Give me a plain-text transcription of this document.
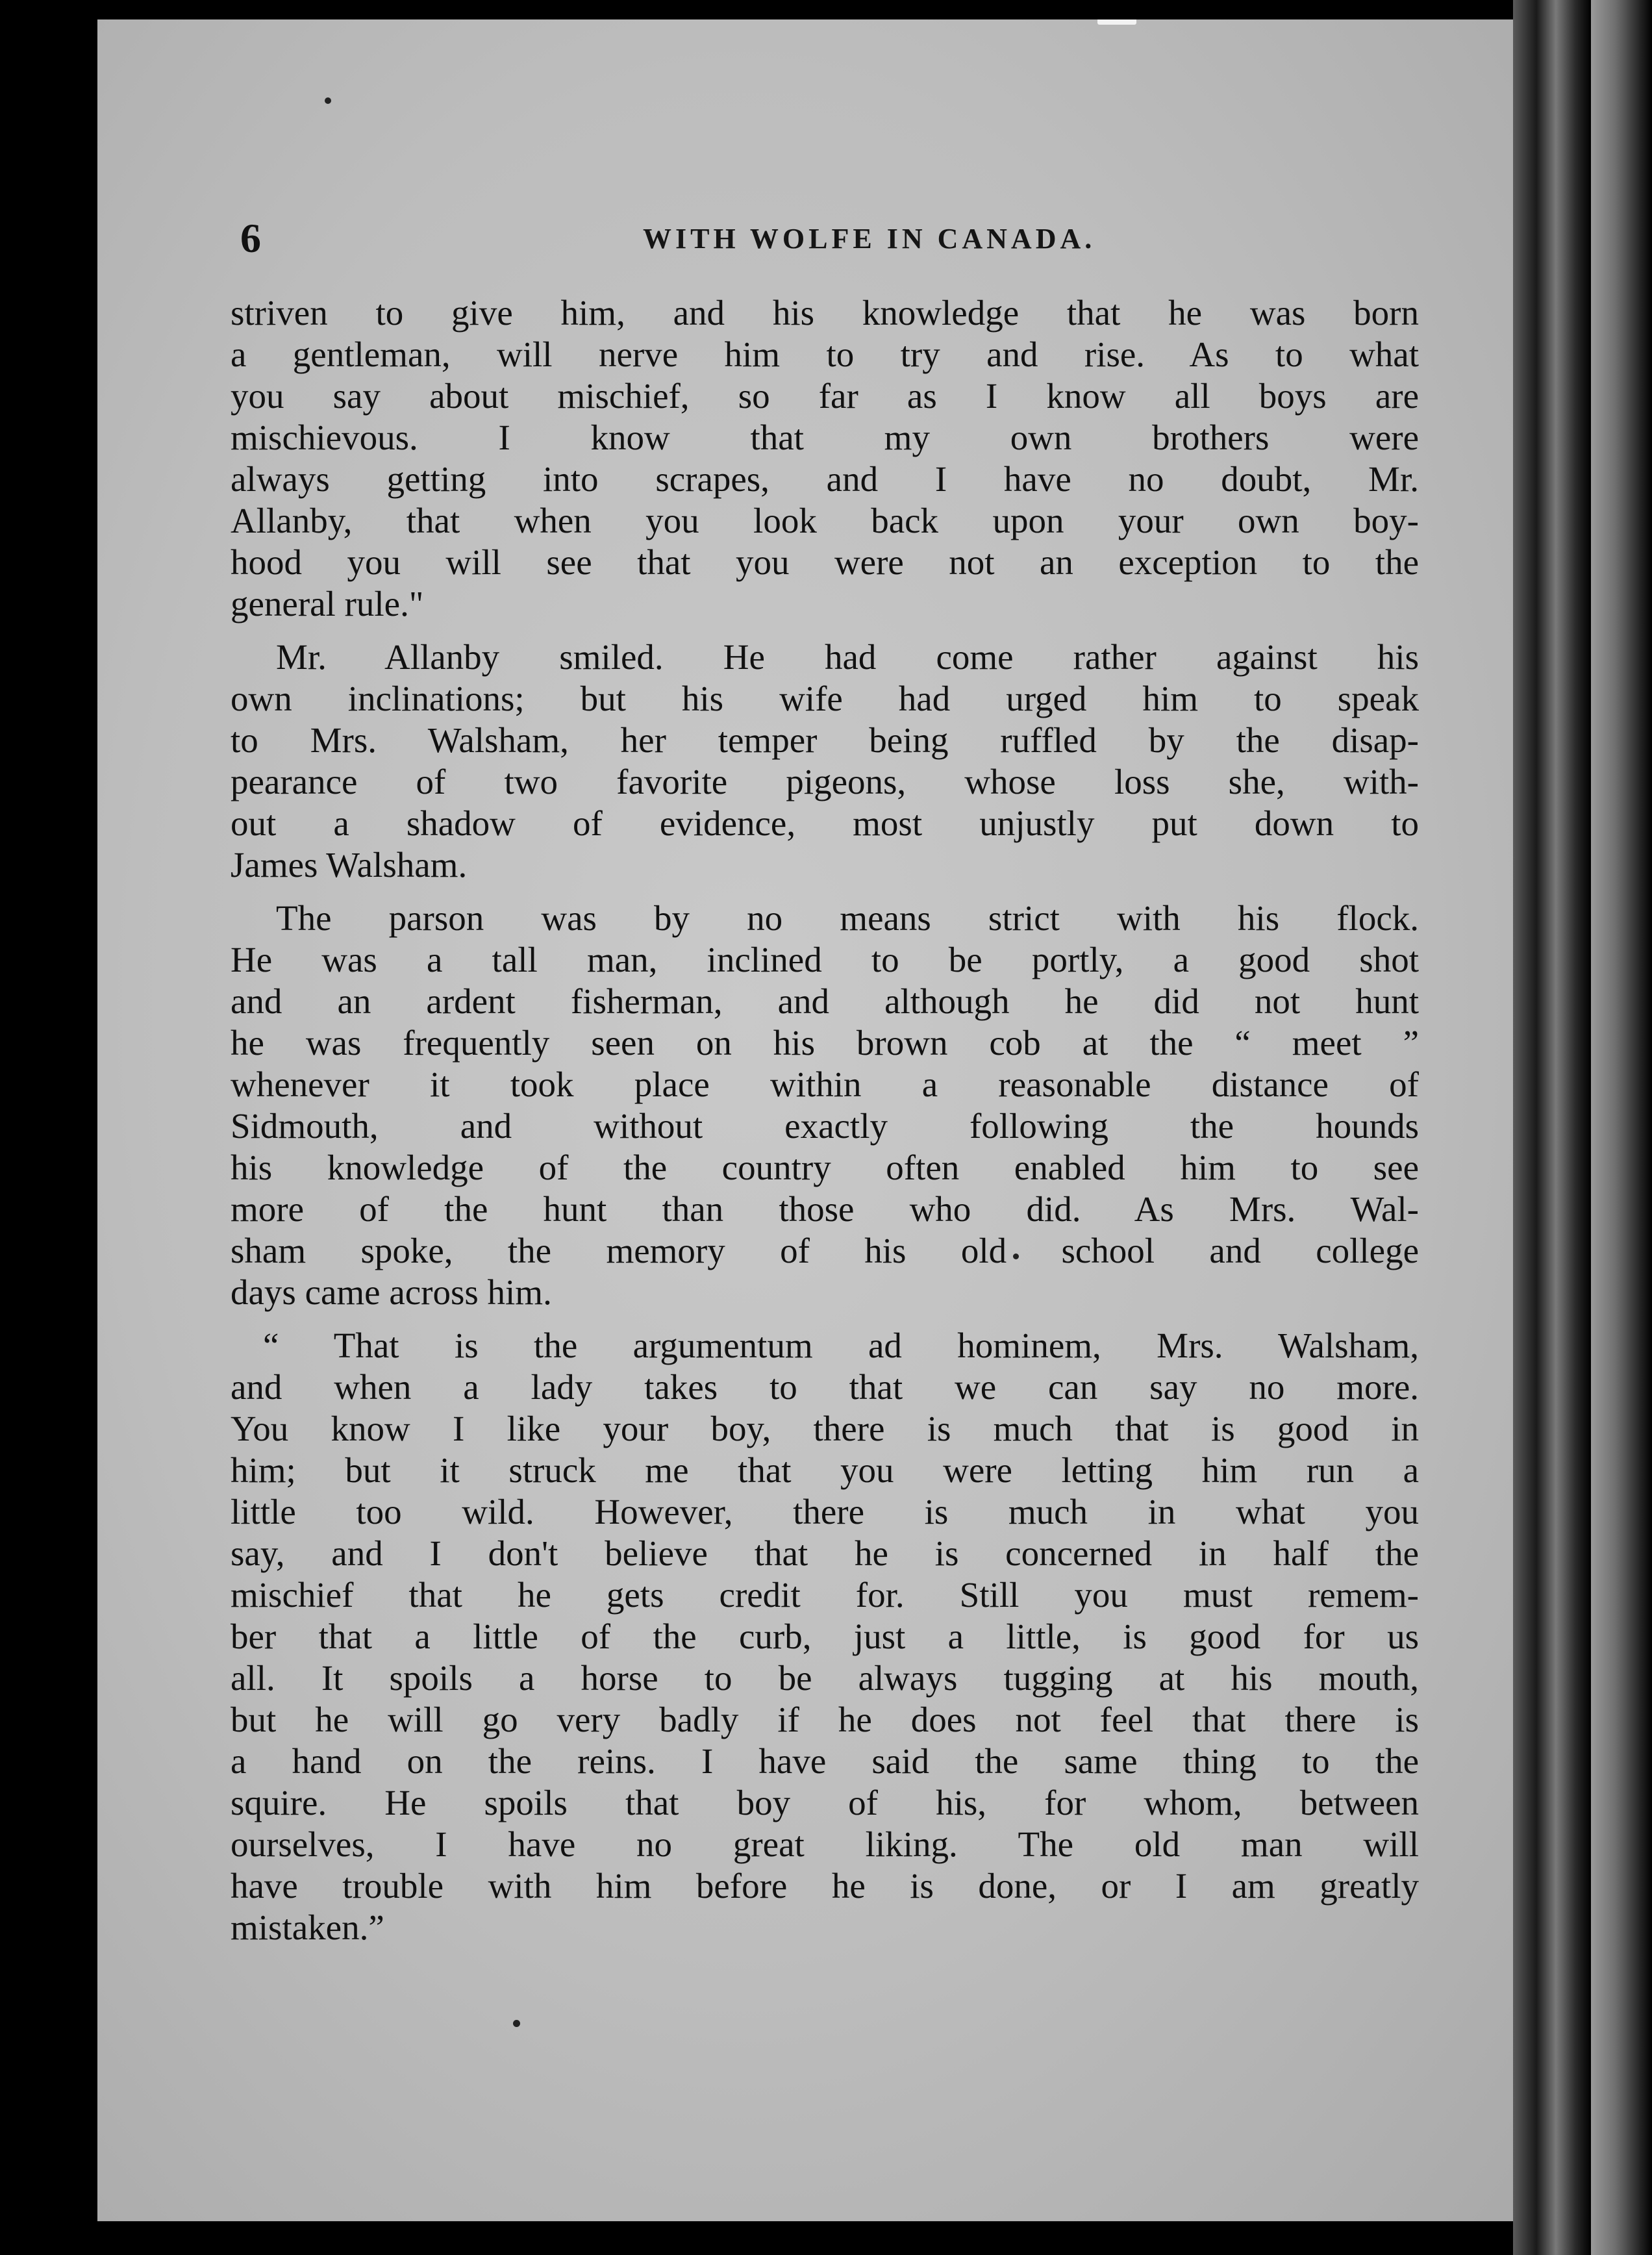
6	WITH WOLFE IN CANADA.
striven to give him, and his knowledge that he was born
a gentleman, will nerve him to try and rise. As to what
you say about mischief, so far as I know all boys are
mischievous. I know that my own brothers were
always getting into scrapes, and I have no doubt, Mr.
Allanby, that when you look back upon your own boy-
hood you will see that you were not an exception to the
general rule."
Mr. Allanby smiled. He had come rather against his
own inclinations; but his wife had urged him to speak
to Mrs. Walsham, her temper being ruffled by the disap-
pearance of two favorite pigeons, whose loss she, with-
out a shadow of evidence, most unjustly put down to
James Walsham.
The parson was by no means strict with his flock.
He was a tall man, inclined to be portly, a good shot
and an ardent fisherman, and although he did not hunt
he was frequently seen on his brown cob at the “ meet ”
whenever it took place within a reasonable distance of
Sidmouth, and without exactly following the hounds
his knowledge of the country often enabled him to see
more of the hunt than those who did. As Mrs. Wal-
sham spoke, the memory of his old school and college
days came across him.
“ That is the argumentum ad hominem, Mrs. Walsham,
and when a lady takes to that we can say no more.
You know I like your boy, there is much that is good in
him; but it struck me that you were letting him run a
little too wild. However, there is much in what you
say, and I don't believe that he is concerned in half the
mischief that he gets credit for. Still you must remem-
ber that a little of the curb, just a little, is good for us
all. It spoils a horse to be always tugging at his mouth,
but he will go very badly if he does not feel that there is
a hand on the reins. I have said the same thing to the
squire. He spoils that boy of his, for whom, between
ourselves, I have no great liking. The old man will
have trouble with him before he is done, or I am greatly
mistaken.”
